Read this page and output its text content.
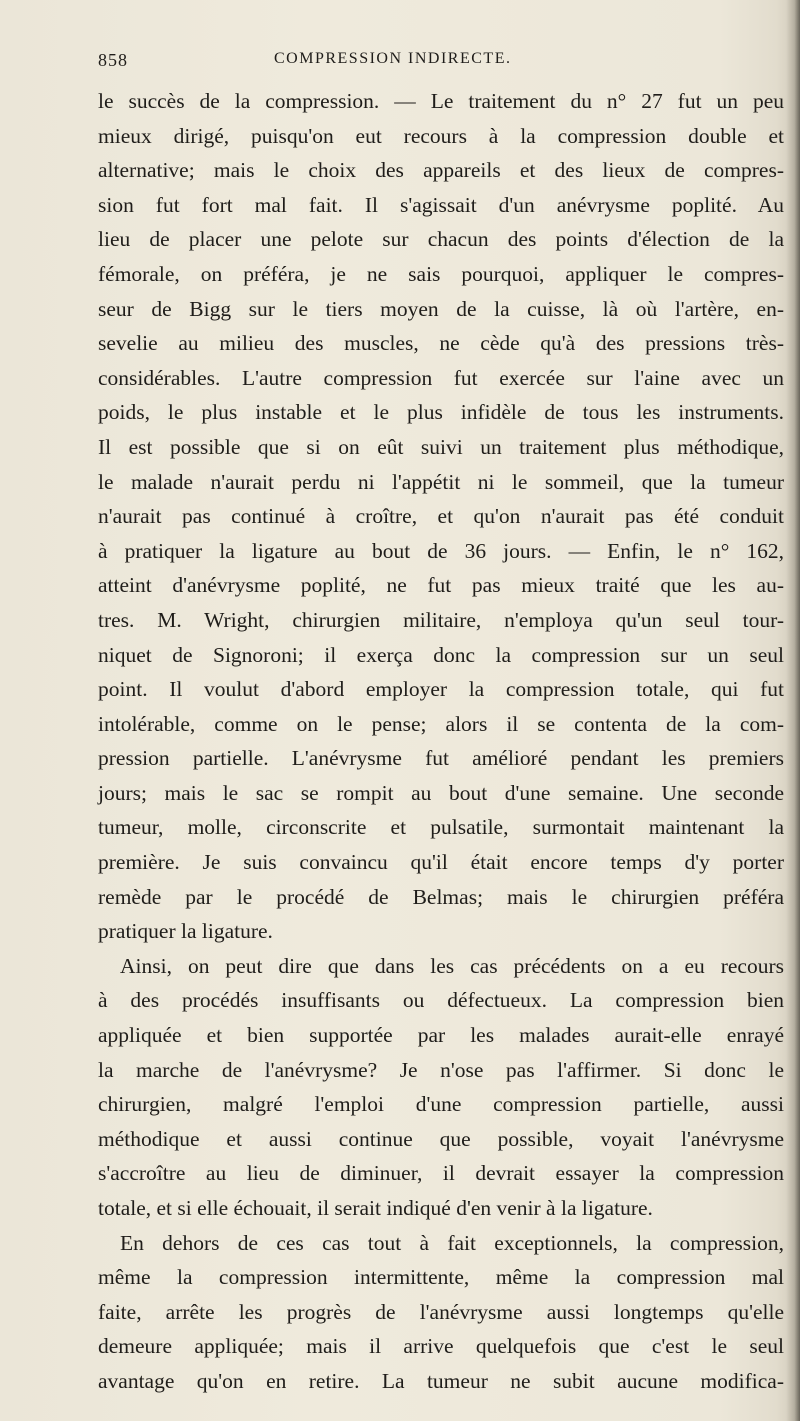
858	COMPRESSION INDIRECTE.
le succès de la compression. — Le traitement du n° 27 fut un peu
mieux dirigé, puisqu'on eut recours à la compression double et
alternative; mais le choix des appareils et des lieux de compres-
sion fut fort mal fait. Il s'agissait d'un anévrysme poplité. Au
lieu de placer une pelote sur chacun des points d'élection de la
fémorale, on préféra, je ne sais pourquoi, appliquer le compres-
seur de Bigg sur le tiers moyen de la cuisse, là où l'artère, en-
sevelie au milieu des muscles, ne cède qu'à des pressions très-
considérables. L'autre compression fut exercée sur l'aine avec un
poids, le plus instable et le plus infidèle de tous les instruments.
Il est possible que si on eût suivi un traitement plus méthodique,
le malade n'aurait perdu ni l'appétit ni le sommeil, que la tumeur
n'aurait pas continué à croître, et qu'on n'aurait pas été conduit
à pratiquer la ligature au bout de 36 jours. — Enfin, le n° 162,
atteint d'anévrysme poplité, ne fut pas mieux traité que les au-
tres. M. Wright, chirurgien militaire, n'employa qu'un seul tour-
niquet de Signoroni; il exerça donc la compression sur un seul
point. Il voulut d'abord employer la compression totale, qui fut
intolérable, comme on le pense; alors il se contenta de la com-
pression partielle. L'anévrysme fut amélioré pendant les premiers
jours; mais le sac se rompit au bout d'une semaine. Une seconde
tumeur, molle, circonscrite et pulsatile, surmontait maintenant la
première. Je suis convaincu qu'il était encore temps d'y porter
remède par le procédé de Belmas; mais le chirurgien préféra
pratiquer la ligature.
Ainsi, on peut dire que dans les cas précédents on a eu recours
à des procédés insuffisants ou défectueux. La compression bien
appliquée et bien supportée par les malades aurait-elle enrayé
la marche de l'anévrysme? Je n'ose pas l'affirmer. Si donc le
chirurgien, malgré l'emploi d'une compression partielle, aussi
méthodique et aussi continue que possible, voyait l'anévrysme
s'accroître au lieu de diminuer, il devrait essayer la compression
totale, et si elle échouait, il serait indiqué d'en venir à la ligature.
En dehors de ces cas tout à fait exceptionnels, la compression,
même la compression intermittente, même la compression mal
faite, arrête les progrès de l'anévrysme aussi longtemps qu'elle
demeure appliquée; mais il arrive quelquefois que c'est le seul
avantage qu'on en retire. La tumeur ne subit aucune modifica-
